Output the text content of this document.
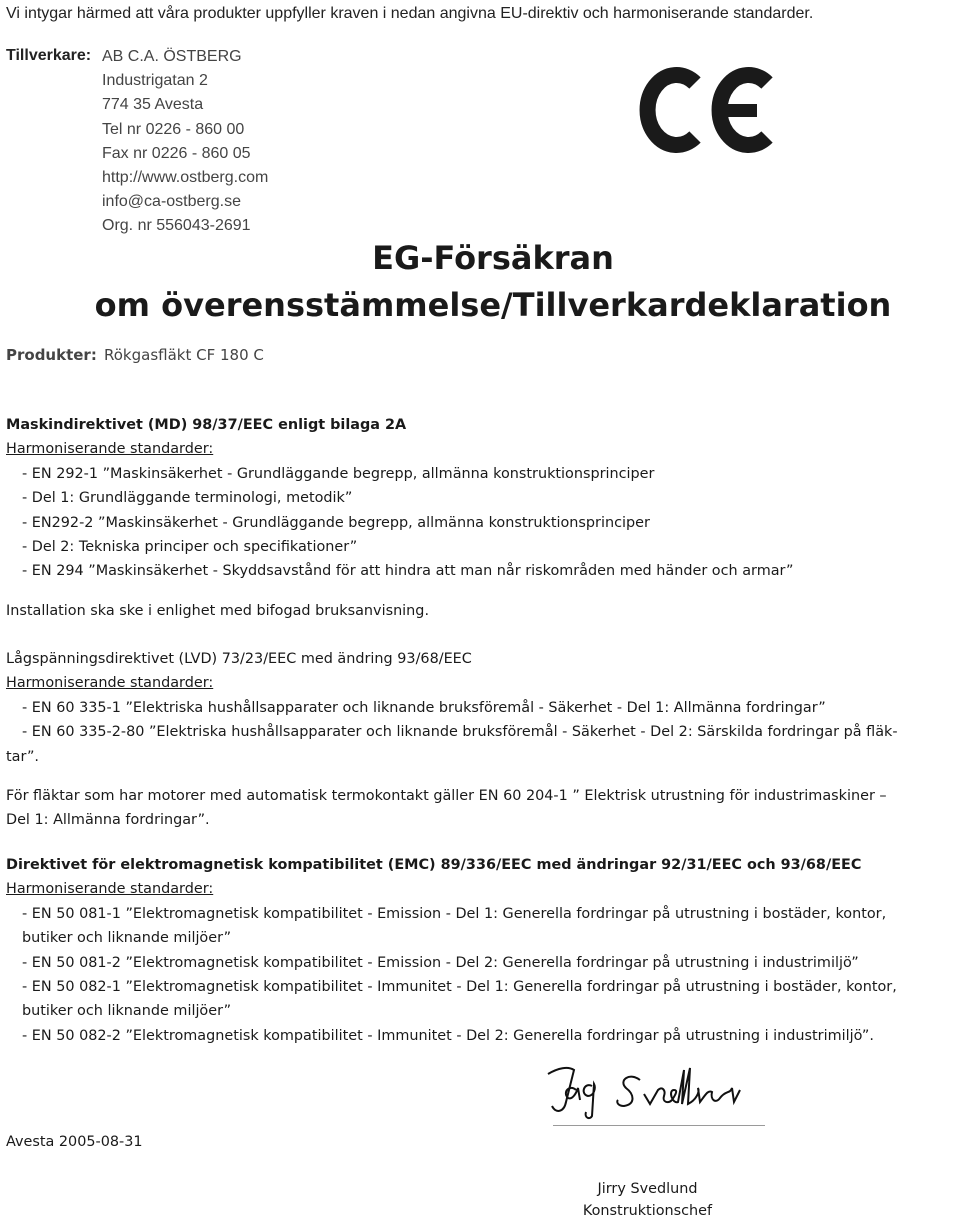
Vi intygar härmed att våra produkter uppfyller kraven i nedan angivna EU-direktiv och harmoniserande standarder.
Tillverkare: AB C.A. ÖSTBERG
Industrigatan 2
774 35 Avesta
Tel nr 0226 - 860 00
Fax nr 0226 - 860 05
http://www.ostberg.com
info@ca-ostberg.se
Org. nr 556043-2691
EG-Försäkran
om överensstämmelse/Tillverkardeklaration
Produkter: Rökgasfläkt CF 180 C
Maskindirektivet (MD) 98/37/EEC enligt bilaga 2A
Harmoniserande standarder:
- EN 292-1 ”Maskinsäkerhet - Grundläggande begrepp, allmänna konstruktionsprinciper
- Del 1: Grundläggande terminologi, metodik”
- EN292-2 ”Maskinsäkerhet - Grundläggande begrepp, allmänna konstruktionsprinciper
- Del 2: Tekniska principer och specifikationer”
- EN 294 ”Maskinsäkerhet - Skyddsavstånd för att hindra att man når riskområden med händer och armar”
Installation ska ske i enlighet med bifogad bruksanvisning.
Lågspänningsdirektivet (LVD) 73/23/EEC med ändring 93/68/EEC
Harmoniserande standarder:
- EN 60 335-1 ”Elektriska hushållsapparater och liknande bruksföremål - Säkerhet - Del 1: Allmänna fordringar”
- EN 60 335-2-80 ”Elektriska hushållsapparater och liknande bruksföremål - Säkerhet - Del 2: Särskilda fordringar på fläk-
tar”.
För fläktar som har motorer med automatisk termokontakt gäller EN 60 204-1 ” Elektrisk utrustning för industrimaskiner –
Del 1: Allmänna fordringar”.
Direktivet för elektromagnetisk kompatibilitet (EMC) 89/336/EEC med ändringar 92/31/EEC och 93/68/EEC
Harmoniserande standarder:
- EN 50 081-1 ”Elektromagnetisk kompatibilitet - Emission - Del 1: Generella fordringar på utrustning i bostäder, kontor,
butiker och liknande miljöer”
- EN 50 081-2 ”Elektromagnetisk kompatibilitet - Emission - Del 2: Generella fordringar på utrustning i industrimiljö”
- EN 50 082-1 ”Elektromagnetisk kompatibilitet - Immunitet - Del 1: Generella fordringar på utrustning i bostäder, kontor,
butiker och liknande miljöer”
- EN 50 082-2 ”Elektromagnetisk kompatibilitet - Immunitet - Del 2: Generella fordringar på utrustning i industrimiljö”.
Avesta 2005-08-31
Jirry Svedlund
Konstruktionschef
